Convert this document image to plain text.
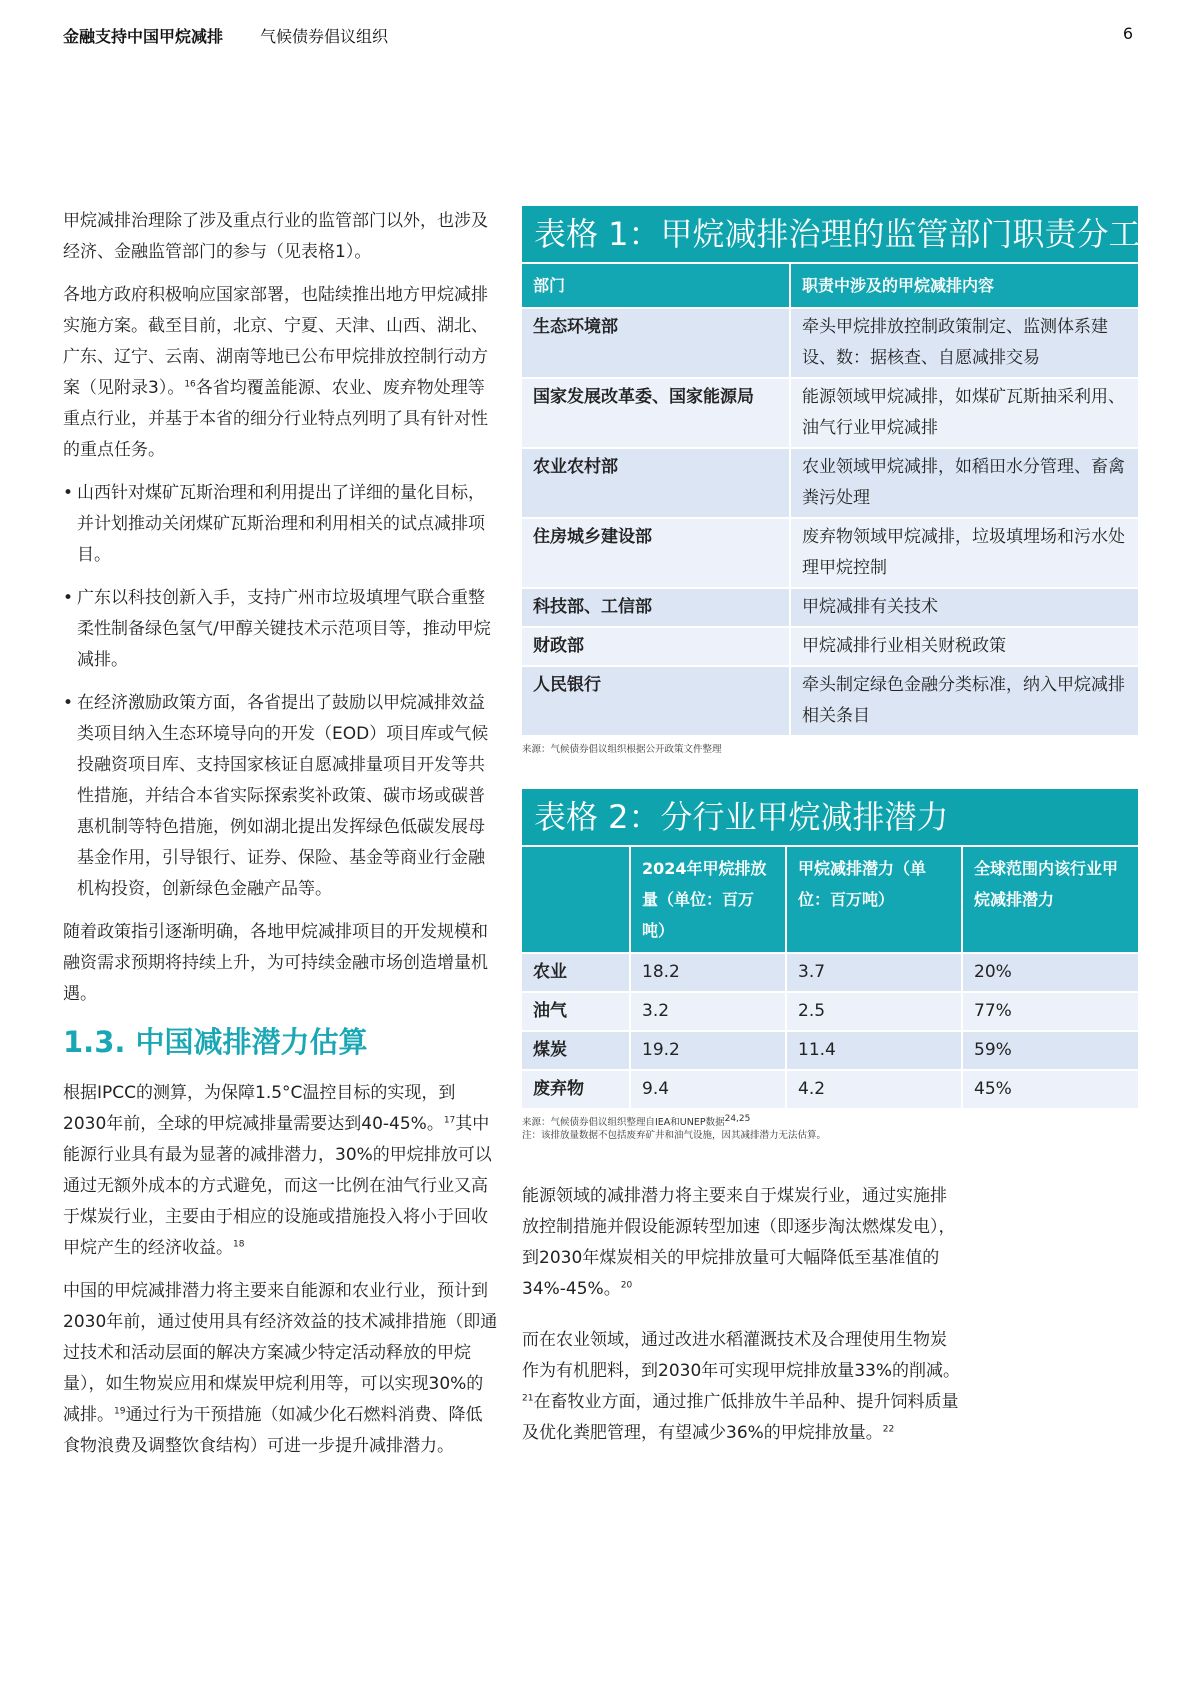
金融支持中国甲烷减排 气候债券倡议组织	6

甲烷减排治理除了涉及重点行业的监管部门以外，也涉及经济、金融监管部门的参与（见表格1）。

各地方政府积极响应国家部署，也陆续推出地方甲烷减排实施方案。截至目前，北京、宁夏、天津、山西、湖北、广东、辽宁、云南、湖南等地已公布甲烷排放控制行动方案（见附录3）。$^{16}$各省均覆盖能源、农业、废弃物处理等重点行业，并基于本省的细分行业特点列明了具有针对性的重点任务。

• 山西针对煤矿瓦斯治理和利用提出了详细的量化目标，并计划推动关闭煤矿瓦斯治理和利用相关的试点减排项目。
• 广东以科技创新入手，支持广州市垃圾填埋气联合重整柔性制备绿色氢气/甲醇关键技术示范项目等，推动甲烷减排。
• 在经济激励政策方面，各省提出了鼓励以甲烷减排效益类项目纳入生态环境导向的开发（EOD）项目库或气候投融资项目库、支持国家核证自愿减排量项目开发等共性措施，并结合本省实际探索奖补政策、碳市场或碳普惠机制等特色措施，例如湖北提出发挥绿色低碳发展母基金作用，引导银行、证券、保险、基金等商业行金融机构投资，创新绿色金融产品等。

随着政策指引逐渐明确，各地甲烷减排项目的开发规模和融资需求预期将持续上升，为可持续金融市场创造增量机遇。

1.3. 中国减排潜力估算

根据IPCC的测算，为保障1.5°C温控目标的实现，到2030年前，全球的甲烷减排量需要达到40-45%。$^{17}$其中能源行业具有最为显著的减排潜力，30%的甲烷排放可以通过无额外成本的方式避免，而这一比例在油气行业又高于煤炭行业，主要由于相应的设施或措施投入将小于回收甲烷产生的经济收益。$^{18}$

中国的甲烷减排潜力将主要来自能源和农业行业，预计到2030年前，通过使用具有经济效益的技术减排措施（即通过技术和活动层面的解决方案减少特定活动释放的甲烷量），如生物炭应用和煤炭甲烷利用等，可以实现30%的减排。$^{19}$通过行为干预措施（如减少化石燃料消费、降低食物浪费及调整饮食结构）可进一步提升减排潜力。

表格 1：甲烷减排治理的监管部门职责分工
部门	职责中涉及的甲烷减排内容
生态环境部	牵头甲烷排放控制政策制定、监测体系建设、数：据核查、自愿减排交易
国家发展改革委、国家能源局	能源领域甲烷减排，如煤矿瓦斯抽采利用、油气行业甲烷减排
农业农村部	农业领域甲烷减排，如稻田水分管理、畜禽粪污处理
住房城乡建设部	废弃物领域甲烷减排，垃圾填埋场和污水处理甲烷控制
科技部、工信部	甲烷减排有关技术
财政部	甲烷减排行业相关财税政策
人民银行	牵头制定绿色金融分类标准，纳入甲烷减排相关条目
来源：气候债券倡议组织根据公开政策文件整理
表格 2：分行业甲烷减排潜力
	2024年甲烷排放量（单位：百万吨）	甲烷减排潜力（单位：百万吨）	全球范围内该行业甲烷减排潜力
农业	18.2	3.7	20%
油气	3.2	2.5	77%
煤炭	19.2	11.4	59%
废弃物	9.4	4.2	45%
来源：气候债券倡议组织整理自IEA和UNEP数据$^{24,25}$
注：该排放量数据不包括废弃矿井和油气设施，因其减排潜力无法估算。

能源领域的减排潜力将主要来自于煤炭行业，通过实施排放控制措施并假设能源转型加速（即逐步淘汰燃煤发电），到2030年煤炭相关的甲烷排放量可大幅降低至基准值的34%-45%。$^{20}$

而在农业领域，通过改进水稻灌溉技术及合理使用生物炭作为有机肥料，到2030年可实现甲烷排放量33%的削减。$^{21}$在畜牧业方面，通过推广低排放牛羊品种、提升饲料质量及优化粪肥管理，有望减少36%的甲烷排放量。$^{22}$
